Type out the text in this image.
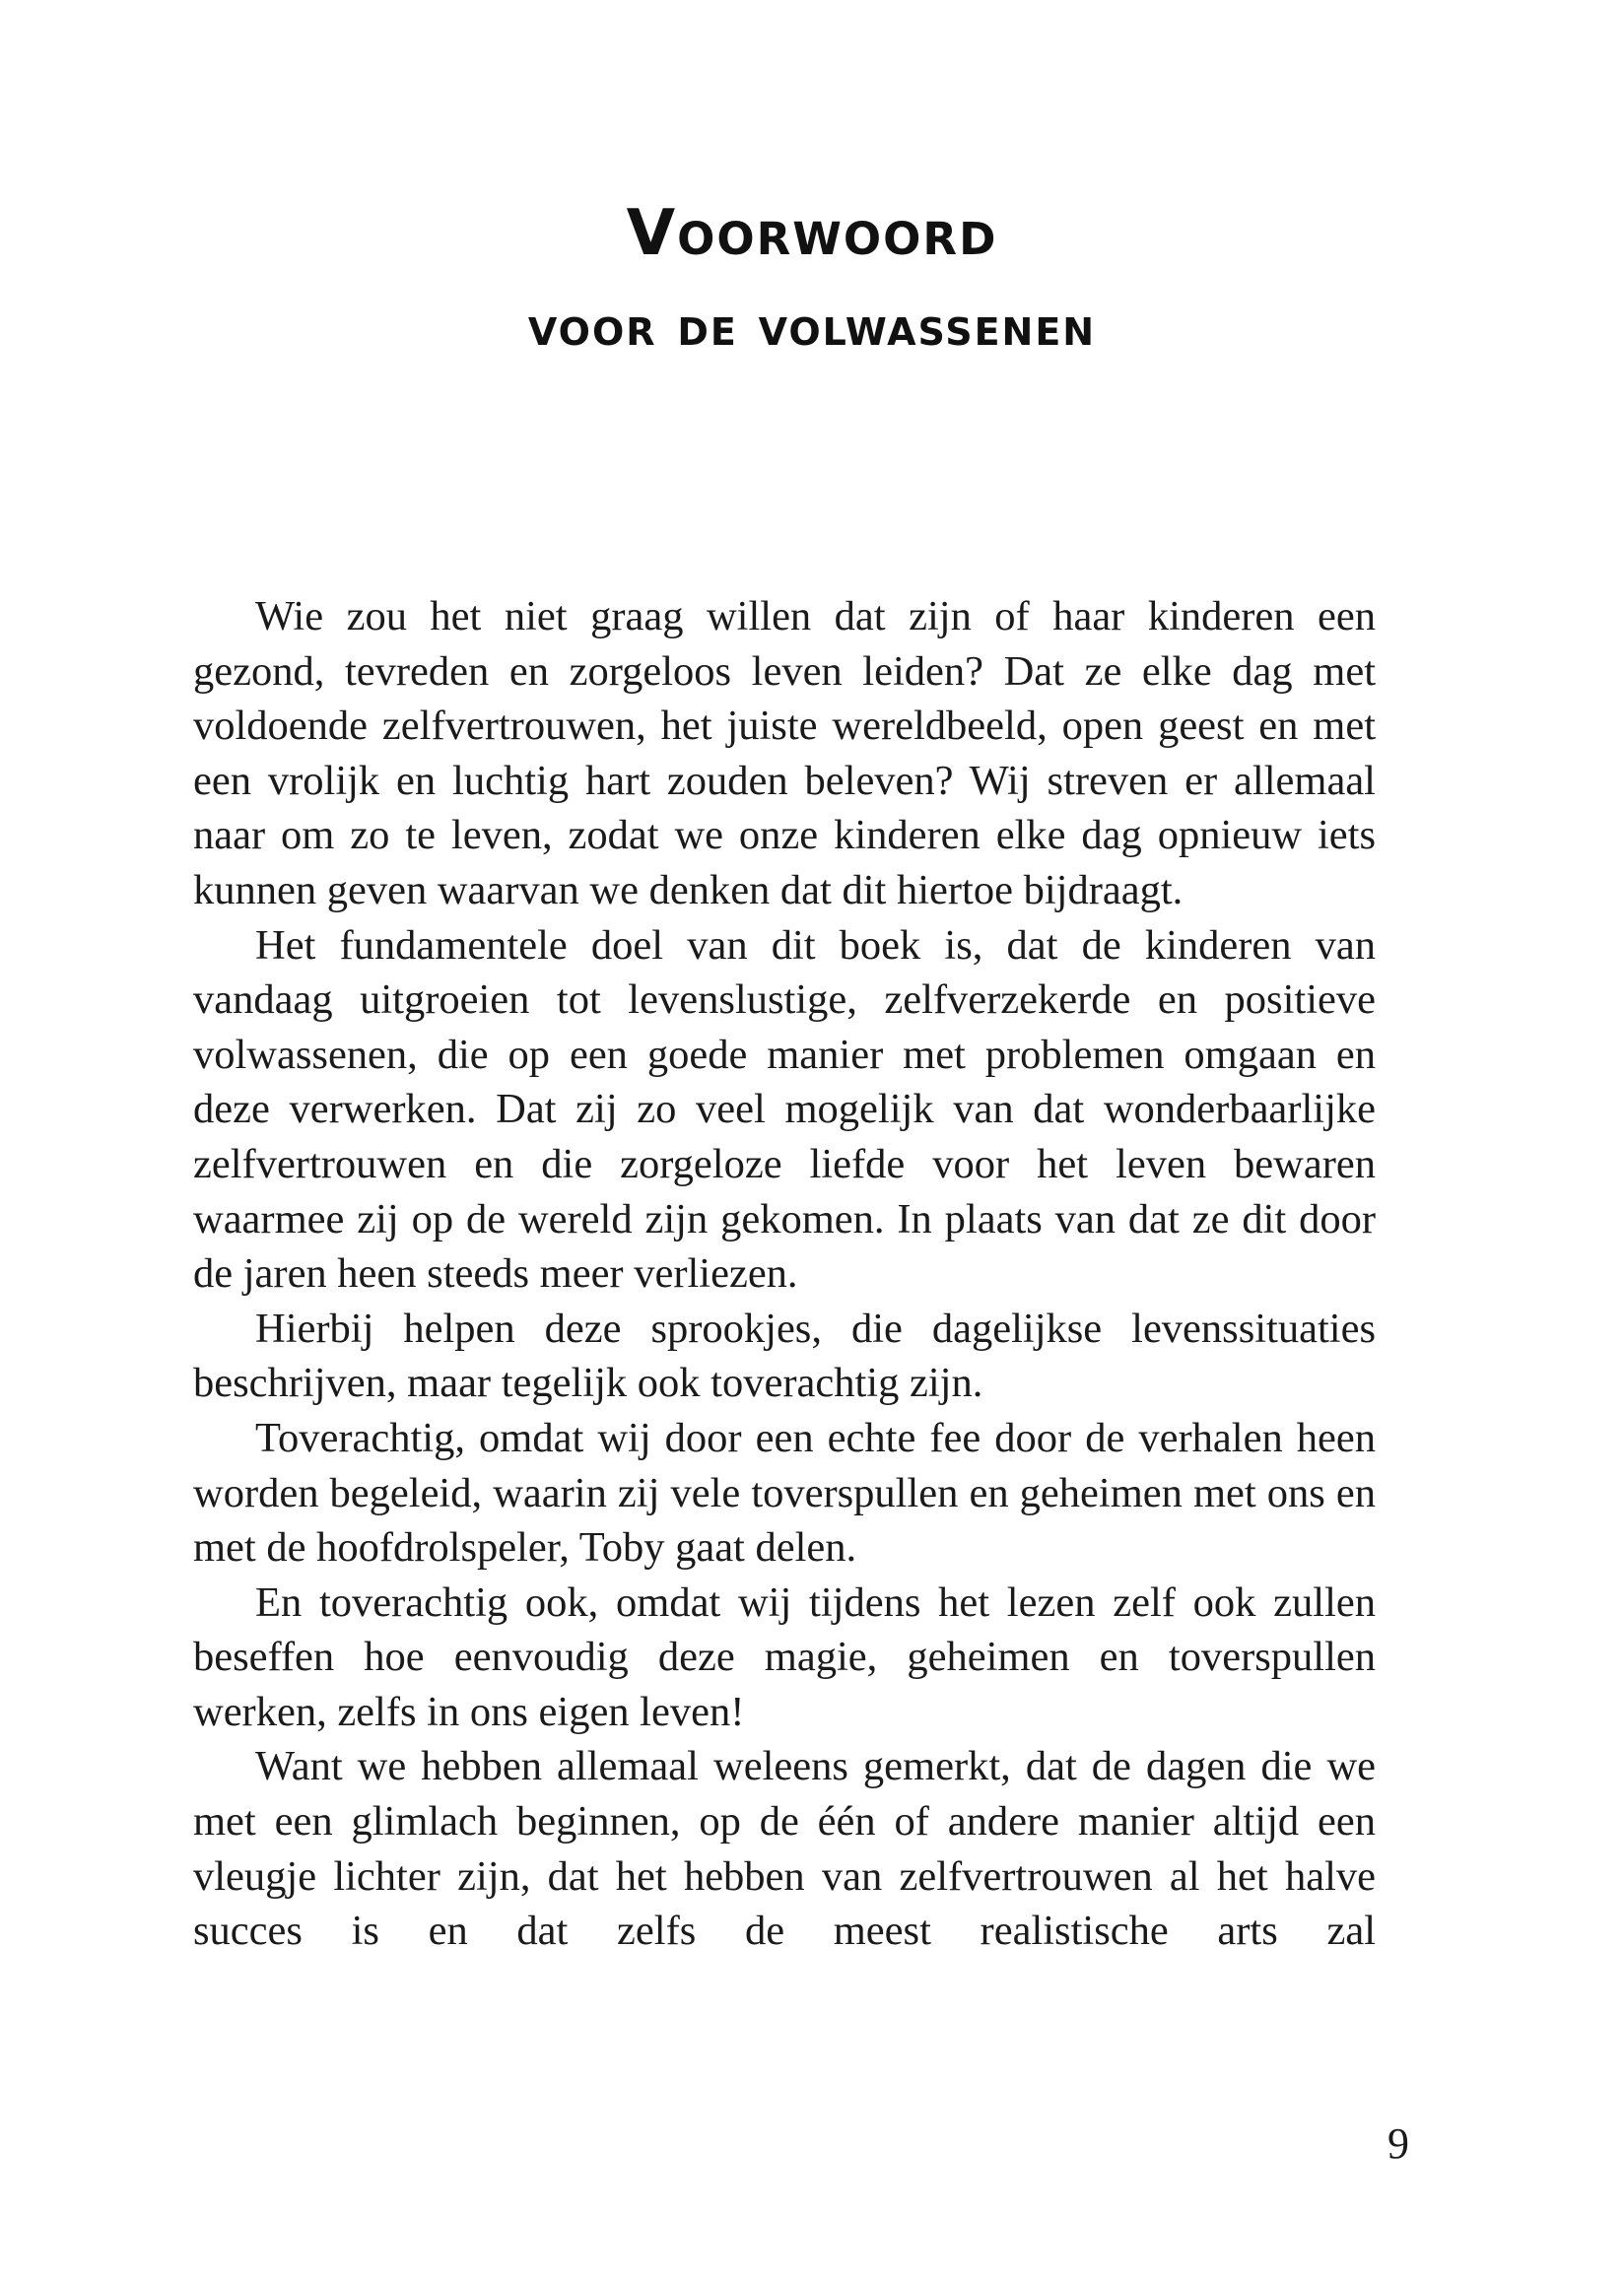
Voorwoord
voor de volwassenen

Wie zou het niet graag willen dat zijn of haar kinderen een gezond, tevreden en zorgeloos leven leiden? Dat ze elke dag met voldoende zelfvertrouwen, het juiste wereldbeeld, open geest en met een vrolijk en luchtig hart zouden beleven? Wij streven er allemaal naar om zo te leven, zodat we onze kinderen elke dag opnieuw iets kunnen geven waarvan we denken dat dit hiertoe bijdraagt.

Het fundamentele doel van dit boek is, dat de kinderen van vandaag uitgroeien tot levenslustige, zelfverzekerde en positieve volwassenen, die op een goede manier met problemen omgaan en deze verwerken. Dat zij zo veel mogelijk van dat wonderbaarlijke zelfvertrouwen en die zorgeloze liefde voor het leven bewaren waarmee zij op de wereld zijn gekomen. In plaats van dat ze dit door de jaren heen steeds meer verliezen.

Hierbij helpen deze sprookjes, die dagelijkse levenssituaties beschrijven, maar tegelijk ook toverachtig zijn.

Toverachtig, omdat wij door een echte fee door de verhalen heen worden begeleid, waarin zij vele toverspullen en geheimen met ons en met de hoofdrolspeler, Toby gaat delen.

En toverachtig ook, omdat wij tijdens het lezen zelf ook zullen beseffen hoe eenvoudig deze magie, geheimen en toverspullen werken, zelfs in ons eigen leven!

Want we hebben allemaal weleens gemerkt, dat de dagen die we met een glimlach beginnen, op de één of andere manier altijd een vleugje lichter zijn, dat het hebben van zelfvertrouwen al het halve succes is en dat zelfs de meest realistische arts zal

9
